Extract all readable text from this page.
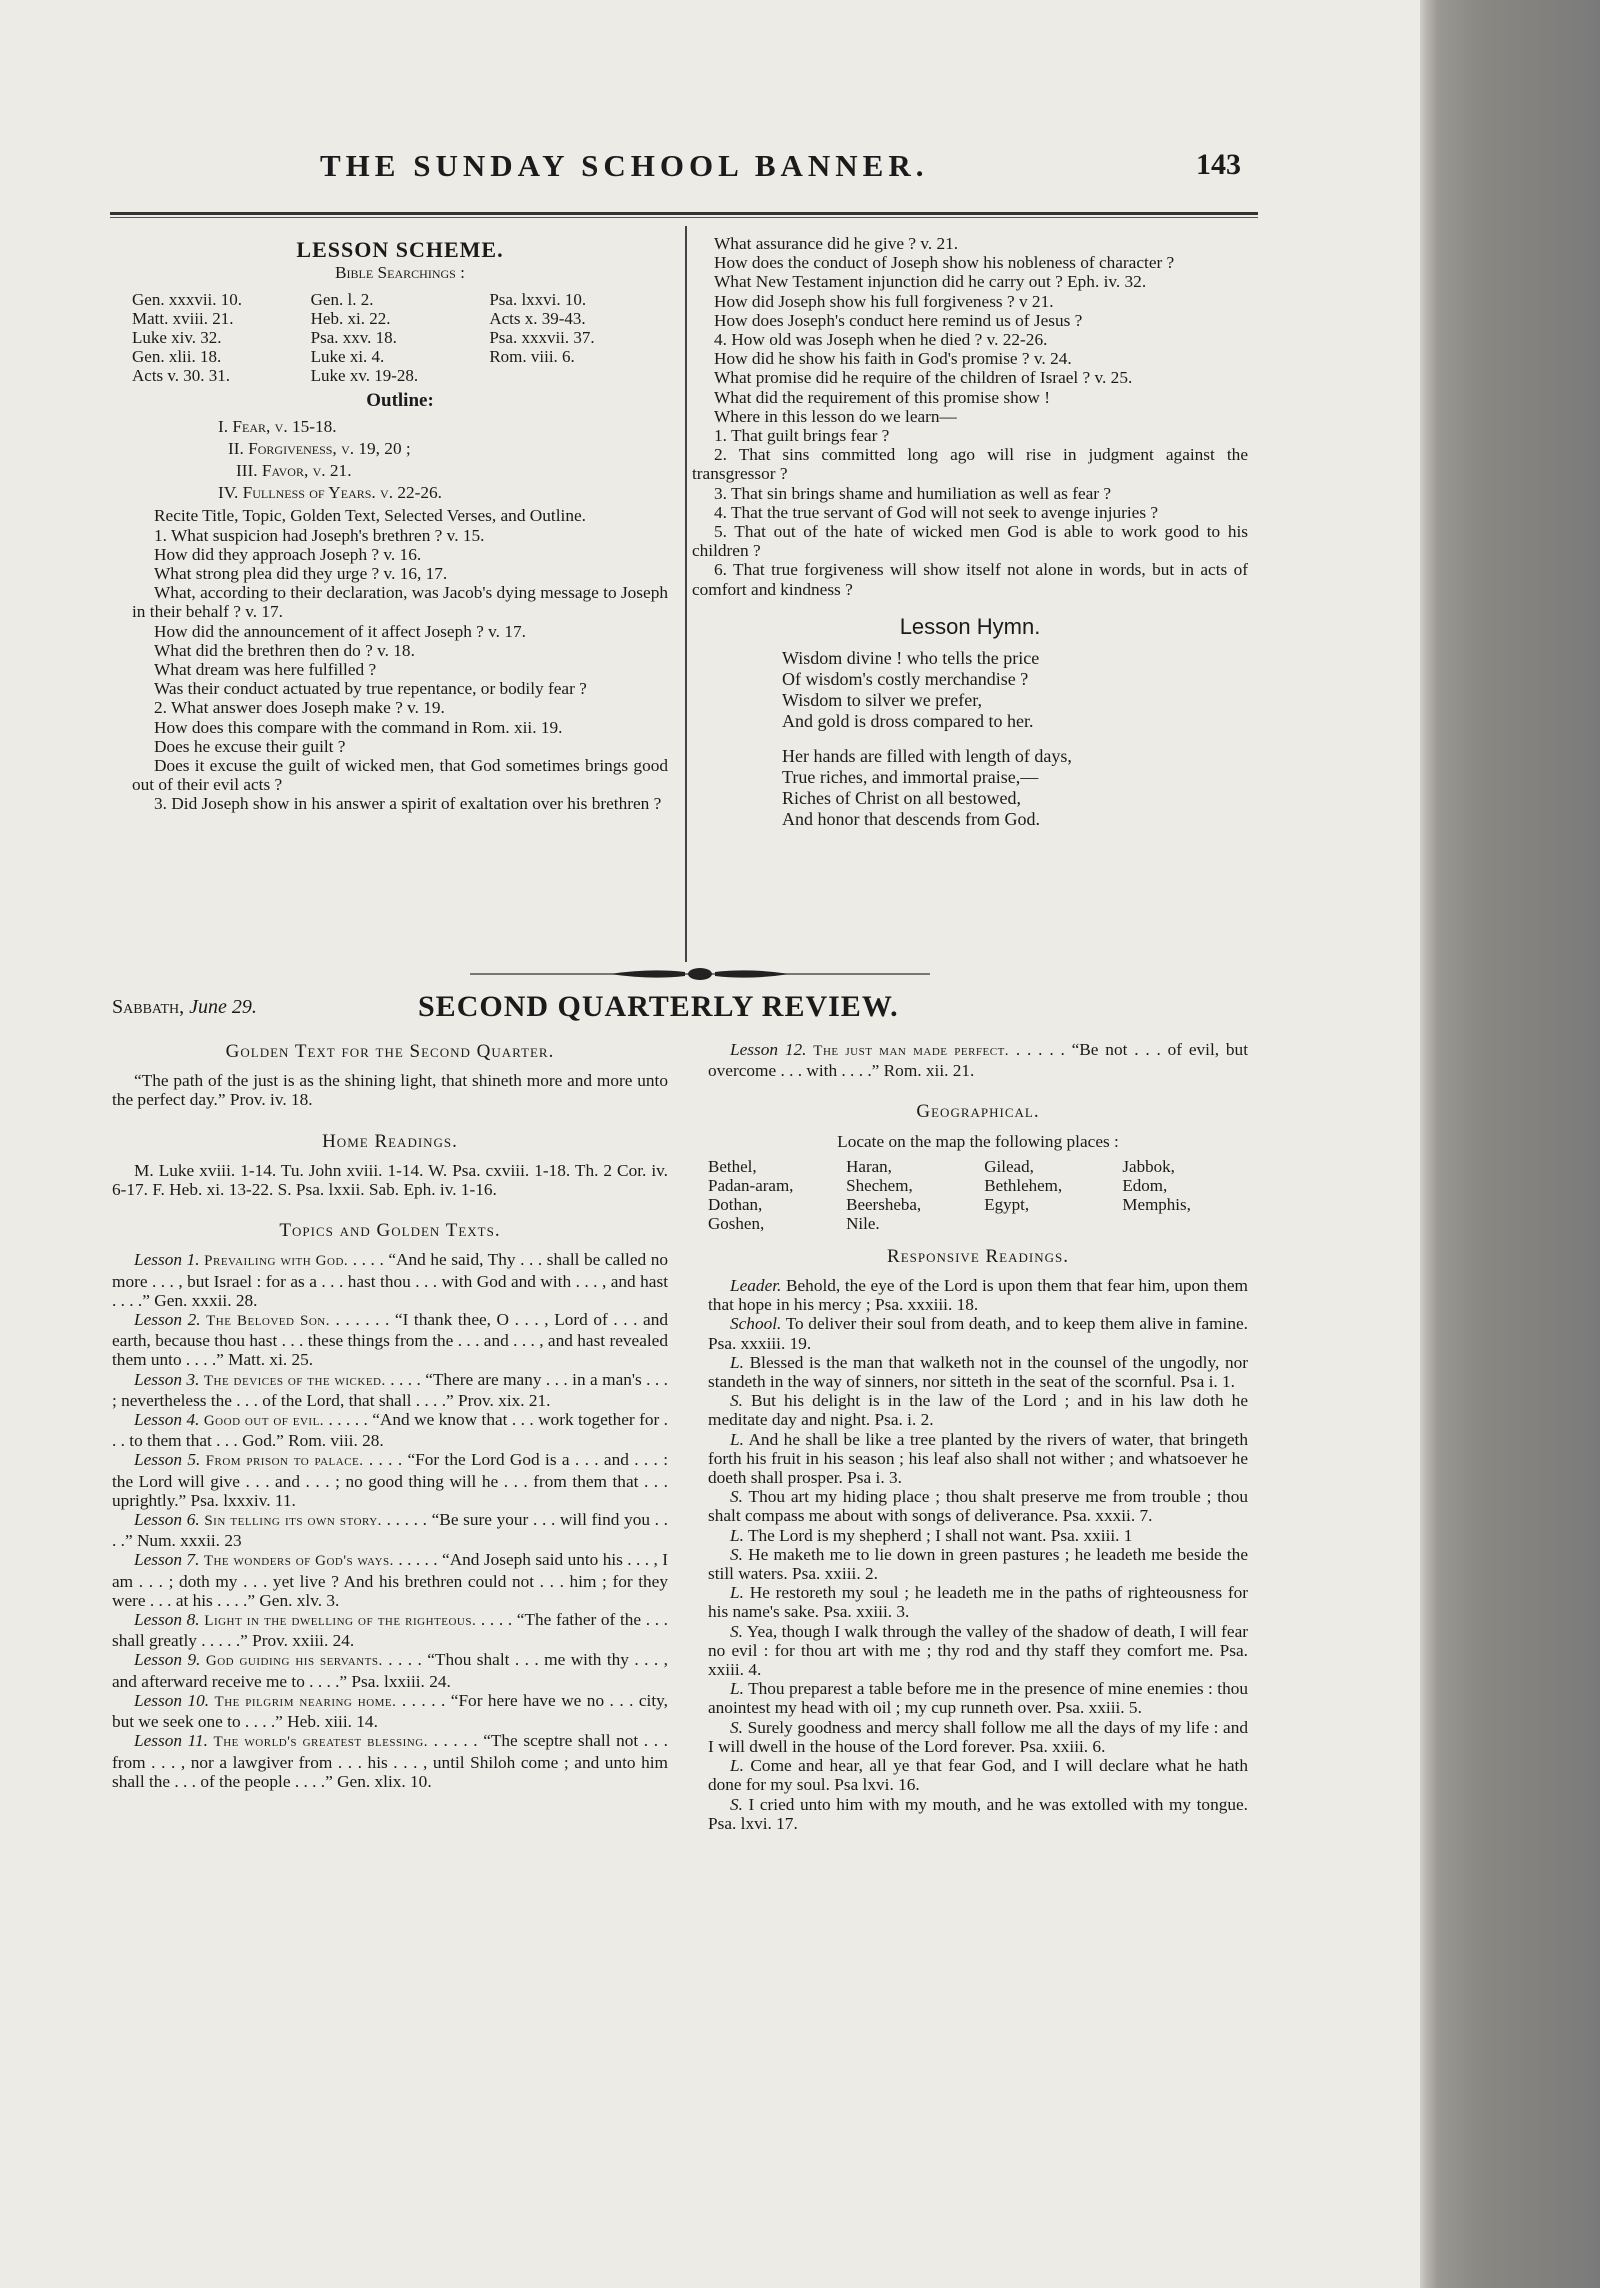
THE SUNDAY SCHOOL BANNER.	143
LESSON SCHEME.
Bible Searchings :
Gen. xxxvii. 10.	Gen. l. 2.	Psa. lxxvi. 10.
Matt. xviii. 21.	Heb. xi. 22.	Acts x. 39-43.
Luke xiv. 32.	Psa. xxv. 18.	Psa. xxxvii. 37.
Gen. xlii. 18.	Luke xi. 4.	Rom. viii. 6.
Acts v. 30. 31.	Luke xv. 19-28.
Outline:
I. Fear, v. 15-18.
II. Forgiveness, v. 19, 20 ;
III. Favor, v. 21.
IV. Fullness of Years. v. 22-26.

Recite Title, Topic, Golden Text, Selected Verses, and Outline.

1. What suspicion had Joseph's brethren ? v. 15.

How did they approach Joseph ? v. 16.

What strong plea did they urge ? v. 16, 17.

What, according to their declaration, was Jacob's dying message to Joseph in their behalf ? v. 17.

How did the announcement of it affect Joseph ? v. 17.

What did the brethren then do ? v. 18.

What dream was here fulfilled ?

Was their conduct actuated by true repentance, or bodily fear ?

2. What answer does Joseph make ? v. 19.

How does this compare with the command in Rom. xii. 19.

Does he excuse their guilt ?

Does it excuse the guilt of wicked men, that God sometimes brings good out of their evil acts ?

3. Did Joseph show in his answer a spirit of exaltation over his brethren ?

What assurance did he give ? v. 21.

How does the conduct of Joseph show his nobleness of character ?

What New Testament injunction did he carry out ? Eph. iv. 32.

How did Joseph show his full forgiveness ? v 21.

How does Joseph's conduct here remind us of Jesus ?

4. How old was Joseph when he died ? v. 22-26.

How did he show his faith in God's promise ? v. 24.

What promise did he require of the children of Israel ? v. 25.

What did the requirement of this promise show !

Where in this lesson do we learn—

1. That guilt brings fear ?

2. That sins committed long ago will rise in judgment against the transgressor ?

3. That sin brings shame and humiliation as well as fear ?

4. That the true servant of God will not seek to avenge injuries ?

5. That out of the hate of wicked men God is able to work good to his children ?

6. That true forgiveness will show itself not alone in words, but in acts of comfort and kindness ?

Lesson Hymn.
Wisdom divine ! who tells the price
Of wisdom's costly merchandise ?
Wisdom to silver we prefer,
And gold is dross compared to her.
Her hands are filled with length of days,
True riches, and immortal praise,—
Riches of Christ on all bestowed,
And honor that descends from God.
Sabbath, June 29.	SECOND QUARTERLY REVIEW.
Golden Text for the Second Quarter.

“The path of the just is as the shining light, that shineth more and more unto the perfect day.” Prov. iv. 18.

Home Readings.

M. Luke xviii. 1-14. Tu. John xviii. 1-14. W. Psa. cxviii. 1-18. Th. 2 Cor. iv. 6-17. F. Heb. xi. 13-22. S. Psa. lxxii. Sab. Eph. iv. 1-16.

Topics and Golden Texts.

Lesson 1. Prevailing with God. . . . . “And he said, Thy . . . shall be called no more . . . , but Israel : for as a . . . hast thou . . . with God and with . . . , and hast . . . .” Gen. xxxii. 28.

Lesson 2. The Beloved Son. . . . . . . “I thank thee, O . . . , Lord of . . . and earth, because thou hast . . . these things from the . . . and . . . , and hast revealed them unto . . . .” Matt. xi. 25.

Lesson 3. The devices of the wicked. . . . . “There are many . . . in a man's . . . ; nevertheless the . . . of the Lord, that shall . . . .” Prov. xix. 21.

Lesson 4. Good out of evil. . . . . . “And we know that . . . work together for . . . to them that . . . God.” Rom. viii. 28.

Lesson 5. From prison to palace. . . . . “For the Lord God is a . . . and . . . : the Lord will give . . . and . . . ; no good thing will he . . . from them that . . . uprightly.” Psa. lxxxiv. 11.

Lesson 6. Sin telling its own story. . . . . . “Be sure your . . . will find you . . . .” Num. xxxii. 23

Lesson 7. The wonders of God's ways. . . . . . “And Joseph said unto his . . . , I am . . . ; doth my . . . yet live ? And his brethren could not . . . him ; for they were . . . at his . . . .” Gen. xlv. 3.

Lesson 8. Light in the dwelling of the righteous. . . . . “The father of the . . . shall greatly . . . . .” Prov. xxiii. 24.

Lesson 9. God guiding his servants. . . . . “Thou shalt . . . me with thy . . . , and afterward receive me to . . . .” Psa. lxxiii. 24.

Lesson 10. The pilgrim nearing home. . . . . . “For here have we no . . . city, but we seek one to . . . .” Heb. xiii. 14.

Lesson 11. The world's greatest blessing. . . . . . “The sceptre shall not . . . from . . . , nor a lawgiver from . . . his . . . , until Shiloh come ; and unto him shall the . . . of the people . . . .” Gen. xlix. 10.

Lesson 12. The just man made perfect. . . . . . “Be not . . . of evil, but overcome . . . with . . . .” Rom. xii. 21.

Geographical.
Locate on the map the following places :
Bethel,	Haran,	Gilead,	Jabbok,
Padan-aram,	Shechem,	Bethlehem,	Edom,
Dothan,	Beersheba,	Egypt,	Memphis,
Goshen,	Nile.
Responsive Readings.

Leader. Behold, the eye of the Lord is upon them that fear him, upon them that hope in his mercy ; Psa. xxxiii. 18.

School. To deliver their soul from death, and to keep them alive in famine. Psa. xxxiii. 19.

L. Blessed is the man that walketh not in the counsel of the ungodly, nor standeth in the way of sinners, nor sitteth in the seat of the scornful. Psa i. 1.

S. But his delight is in the law of the Lord ; and in his law doth he meditate day and night. Psa. i. 2.

L. And he shall be like a tree planted by the rivers of water, that bringeth forth his fruit in his season ; his leaf also shall not wither ; and whatsoever he doeth shall prosper. Psa i. 3.

S. Thou art my hiding place ; thou shalt preserve me from trouble ; thou shalt compass me about with songs of deliverance. Psa. xxxii. 7.

L. The Lord is my shepherd ; I shall not want. Psa. xxiii. 1

S. He maketh me to lie down in green pastures ; he leadeth me beside the still waters. Psa. xxiii. 2.

L. He restoreth my soul ; he leadeth me in the paths of righteousness for his name's sake. Psa. xxiii. 3.

S. Yea, though I walk through the valley of the shadow of death, I will fear no evil : for thou art with me ; thy rod and thy staff they comfort me. Psa. xxiii. 4.

L. Thou preparest a table before me in the presence of mine enemies : thou anointest my head with oil ; my cup runneth over. Psa. xxiii. 5.

S. Surely goodness and mercy shall follow me all the days of my life : and I will dwell in the house of the Lord forever. Psa. xxiii. 6.

L. Come and hear, all ye that fear God, and I will declare what he hath done for my soul. Psa lxvi. 16.

S. I cried unto him with my mouth, and he was extolled with my tongue. Psa. lxvi. 17.
